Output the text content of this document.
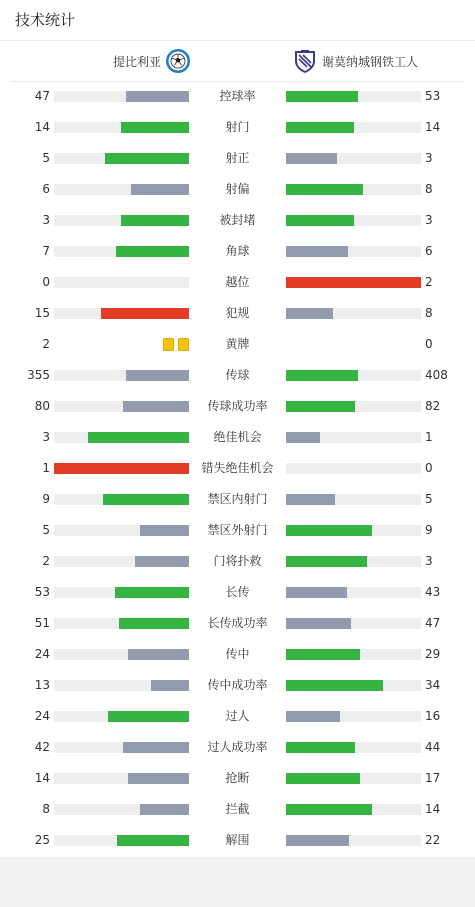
技术统计
提比利亚	谢莫纳城钢铁工人
47	控球率	53
14	射门	14
5	射正	3
6	射偏	8
3	被封堵	3
7	角球	6
0	越位	2
15	犯规	8
2	黄牌	0
355	传球	408
80	传球成功率	82
3	绝佳机会	1
1	错失绝佳机会	0
9	禁区内射门	5
5	禁区外射门	9
2	门将扑救	3
53	长传	43
51	长传成功率	47
24	传中	29
13	传中成功率	34
24	过人	16
42	过人成功率	44
14	抢断	17
8	拦截	14
25	解围	22
